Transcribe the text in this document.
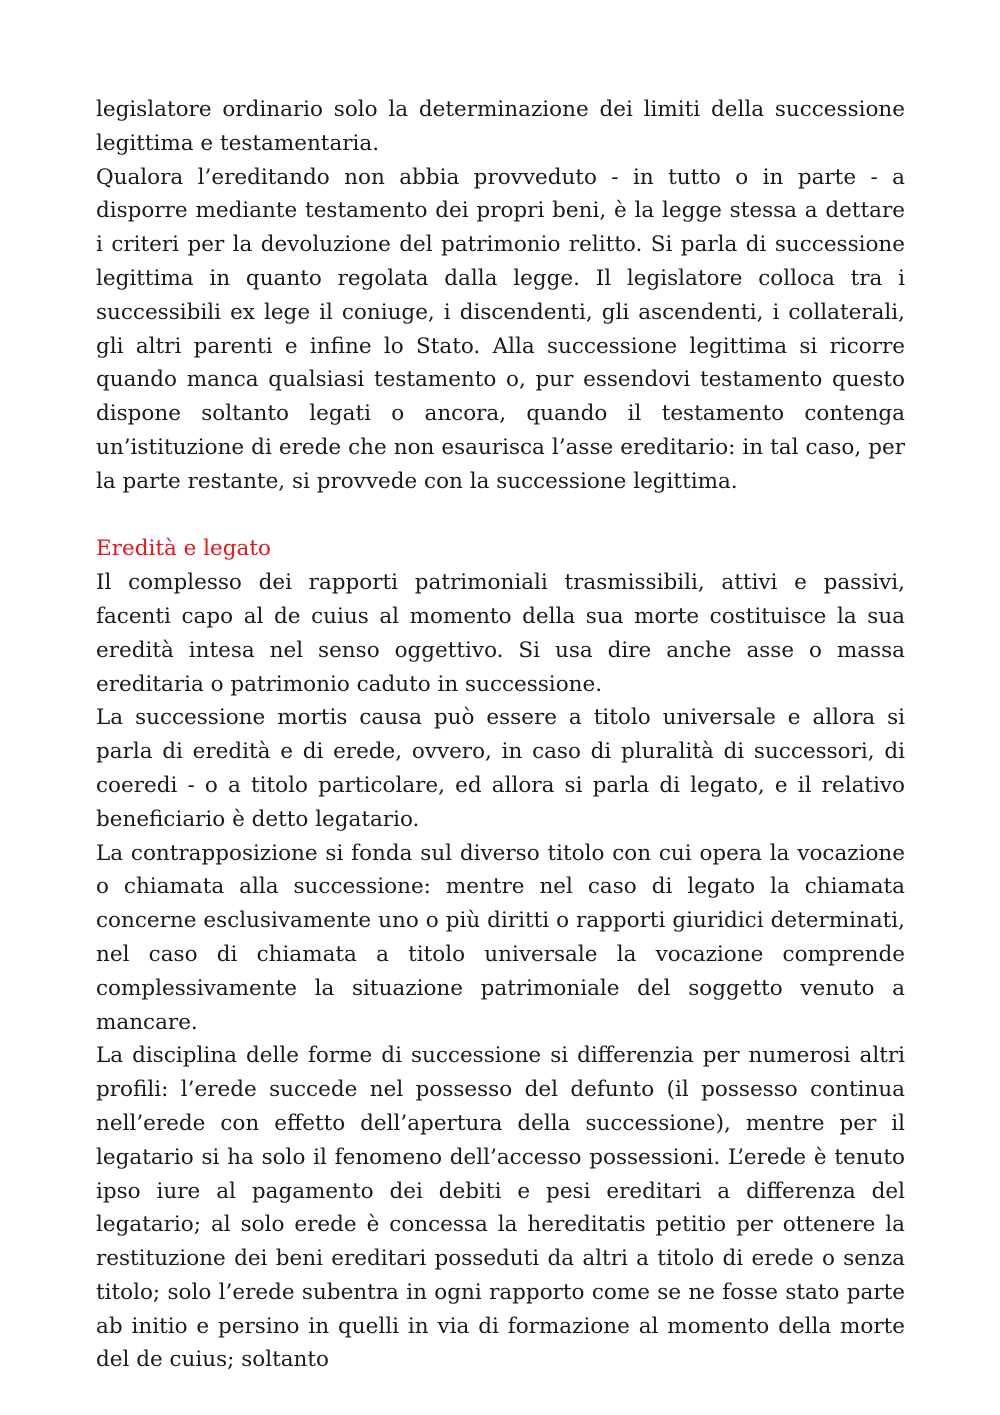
legislatore ordinario solo la determinazione dei limiti della successione legittima e testamentaria.

Qualora l’ereditando non abbia provveduto - in tutto o in parte - a disporre mediante testamento dei propri beni, è la legge stessa a dettare i criteri per la devoluzione del patrimonio relitto. Si parla di successione legittima in quanto regolata dalla legge. Il legislatore colloca tra i successibili ex lege il coniuge, i discendenti, gli ascendenti, i collaterali, gli altri parenti e infine lo Stato. Alla successione legittima si ricorre quando manca qualsiasi testamento o, pur essendovi testamento questo dispone soltanto legati o ancora, quando il testamento contenga un’istituzione di erede che non esaurisca l’asse ereditario: in tal caso, per la parte restante, si provvede con la successione legittima.

Eredità e legato

Il complesso dei rapporti patrimoniali trasmissibili, attivi e passivi, facenti capo al de cuius al momento della sua morte costituisce la sua eredità intesa nel senso oggettivo. Si usa dire anche asse o massa ereditaria o patrimonio caduto in successione.

La successione mortis causa può essere a titolo universale e allora si parla di eredità e di erede, ovvero, in caso di pluralità di successori, di coeredi - o a titolo particolare, ed allora si parla di legato, e il relativo beneficiario è detto legatario.

La contrapposizione si fonda sul diverso titolo con cui opera la vocazione o chiamata alla successione: mentre nel caso di legato la chiamata concerne esclusivamente uno o più diritti o rapporti giuridici determinati, nel caso di chiamata a titolo universale la vocazione comprende complessivamente la situazione patrimoniale del soggetto venuto a mancare.

La disciplina delle forme di successione si differenzia per numerosi altri profili: l’erede succede nel possesso del defunto (il possesso continua nell’erede con effetto dell’apertura della successione), mentre per il legatario si ha solo il fenomeno dell’accesso possessioni. L’erede è tenuto ipso iure al pagamento dei debiti e pesi ereditari a differenza del legatario; al solo erede è concessa la hereditatis petitio per ottenere la restituzione dei beni ereditari posseduti da altri a titolo di erede o senza titolo; solo l’erede subentra in ogni rapporto come se ne fosse stato parte ab initio e persino in quelli in via di formazione al momento della morte del de cuius; soltanto
